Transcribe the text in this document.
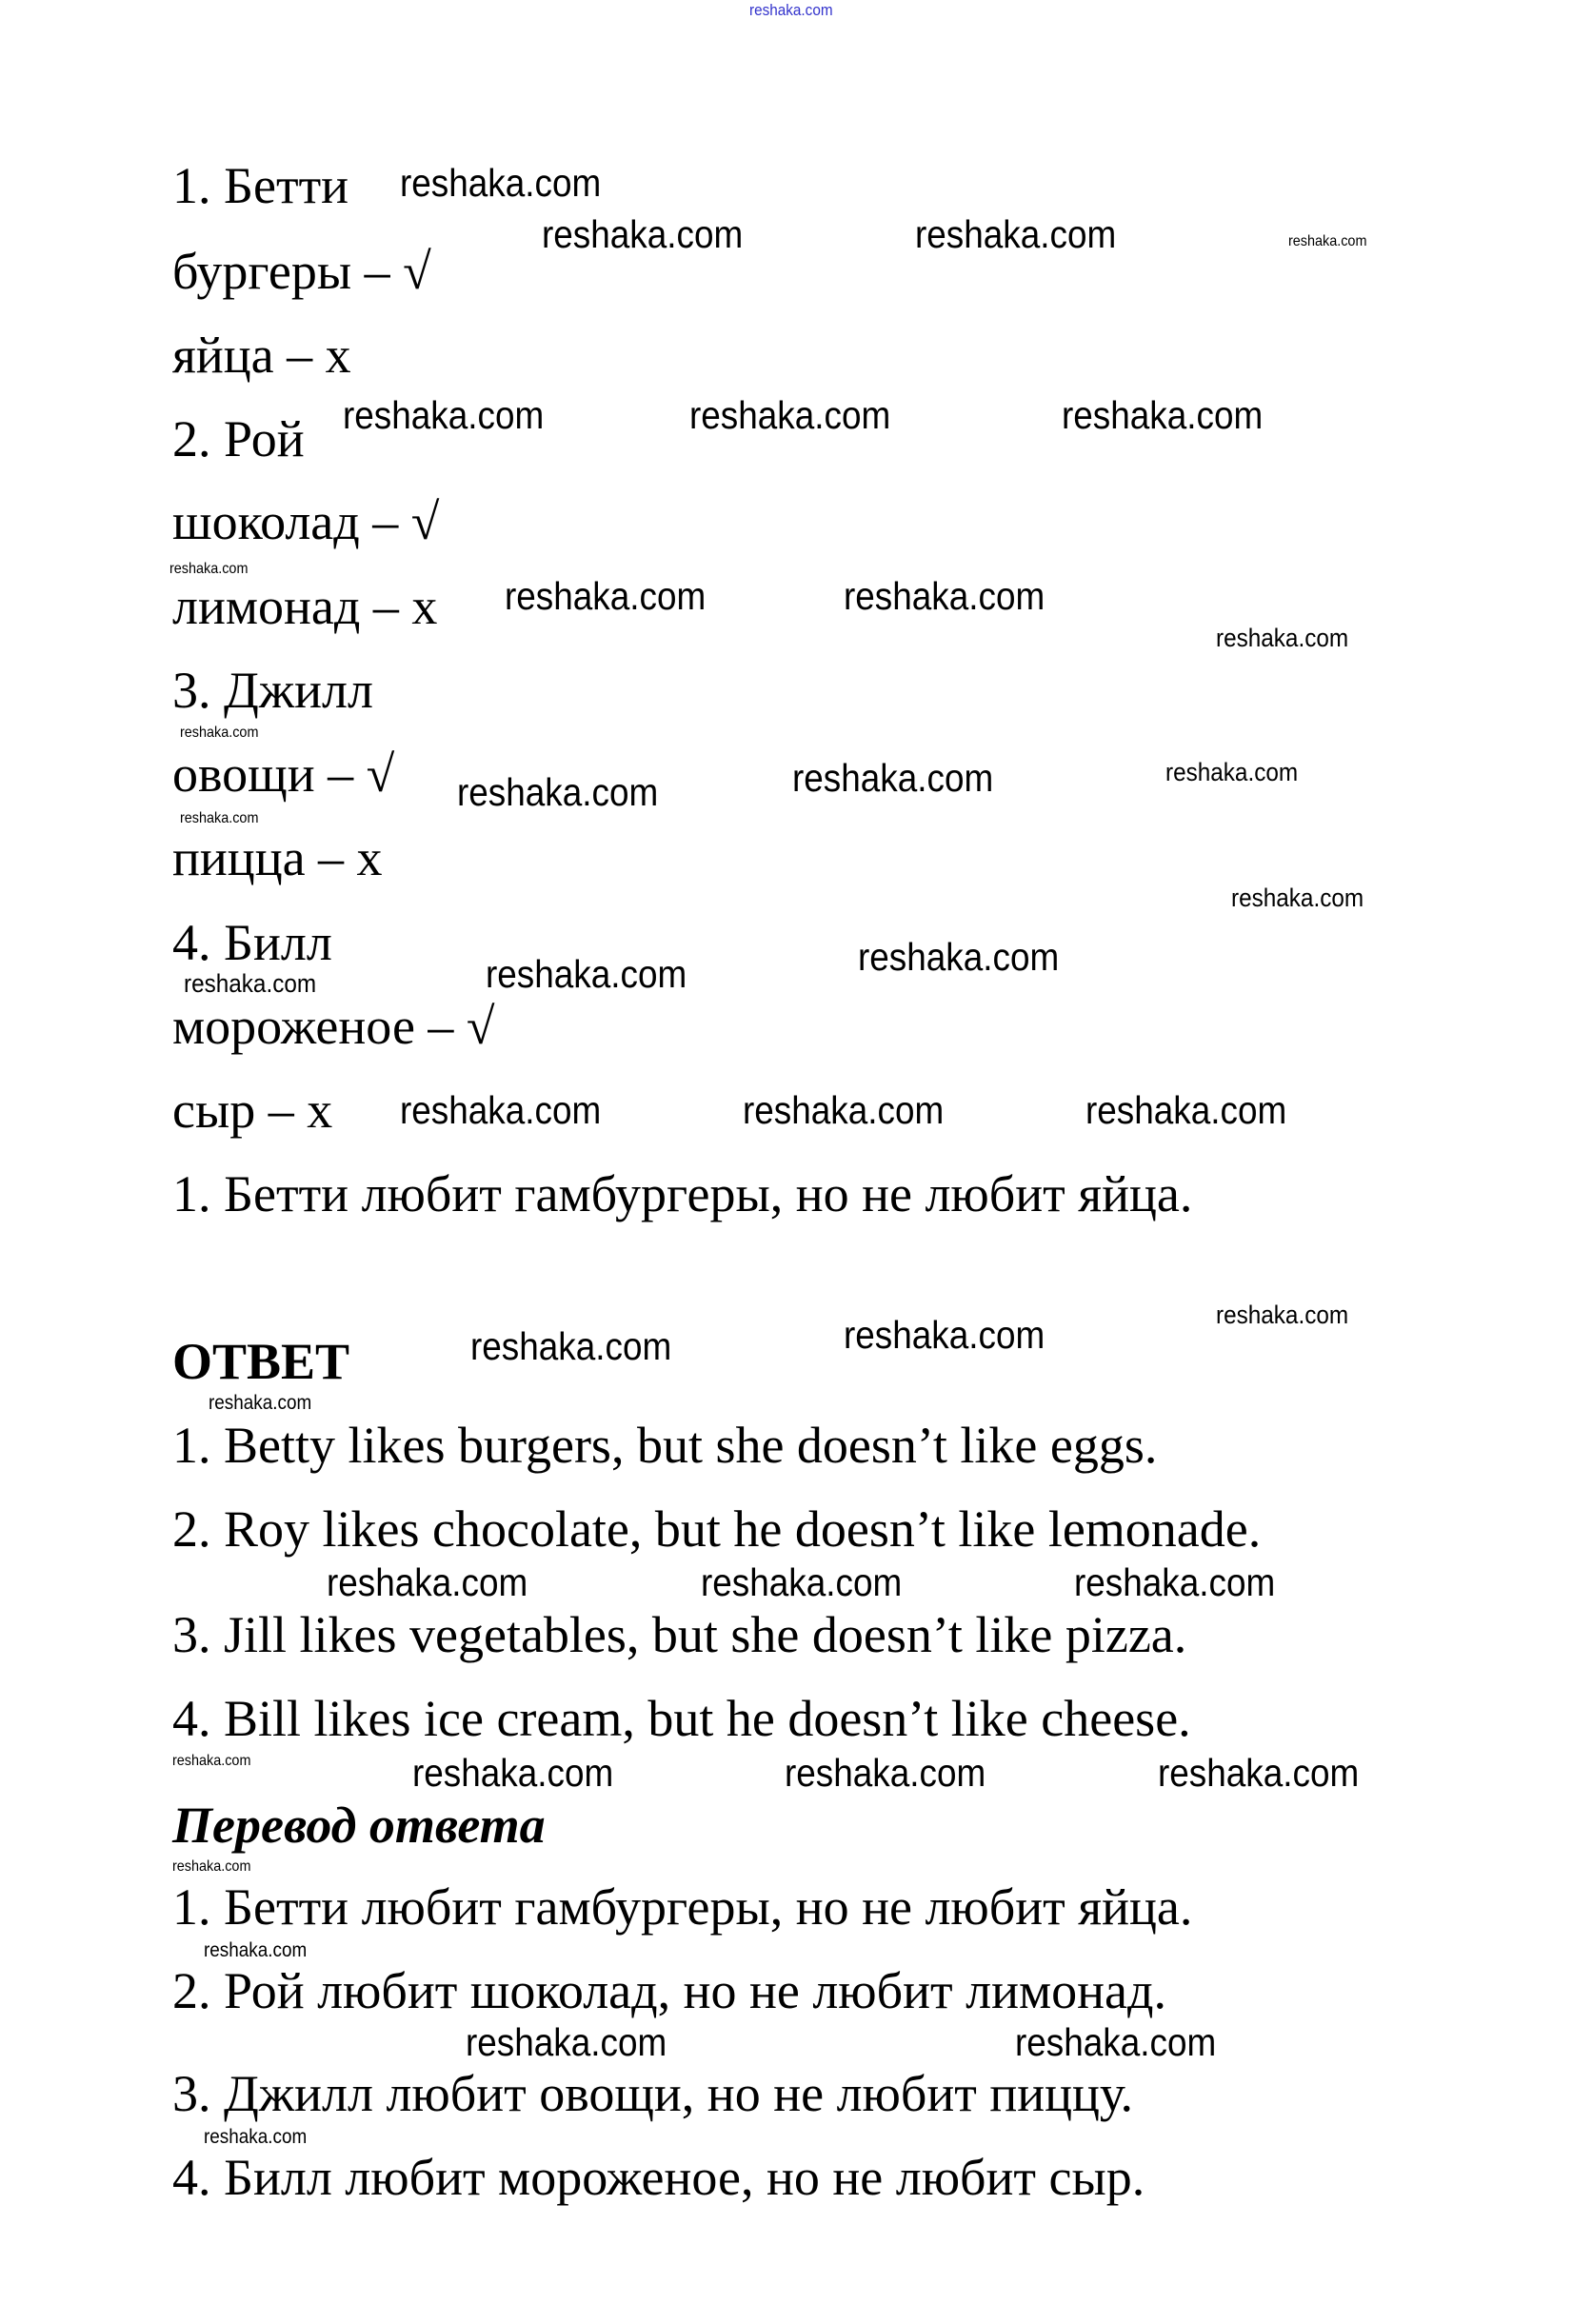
1. Бетти
бургеры – √
яйца – x
2. Рой
шоколад – √
лимонад – x
3. Джилл
овощи – √
пицца – x
4. Билл
мороженое – √
сыр – x
1. Бетти любит гамбургеры, но не любит яйца.
ОТВЕТ
1. Betty likes burgers, but she doesn’t like eggs.
2. Roy likes chocolate, but he doesn’t like lemonade.
3. Jill likes vegetables, but she doesn’t like pizza.
4. Bill likes ice cream, but he doesn’t like cheese.
Перевод ответа
1. Бетти любит гамбургеры, но не любит яйца.
2. Рой любит шоколад, но не любит лимонад.
3. Джилл любит овощи, но не любит пиццу.
4. Билл любит мороженое, но не любит сыр.
reshaka.com
reshaka.com
reshaka.com	reshaka.com	reshaka.com
reshaka.com	reshaka.com	reshaka.com
reshaka.com
reshaka.com	reshaka.com
reshaka.com
reshaka.com
reshaka.com	reshaka.com	reshaka.com
reshaka.com
reshaka.com
reshaka.com	reshaka.com	reshaka.com
reshaka.com	reshaka.com	reshaka.com
reshaka.com
reshaka.com	reshaka.com
reshaka.com
reshaka.com	reshaka.com	reshaka.com
reshaka.com	reshaka.com	reshaka.com	reshaka.com
reshaka.com
reshaka.com
reshaka.com	reshaka.com
reshaka.com
